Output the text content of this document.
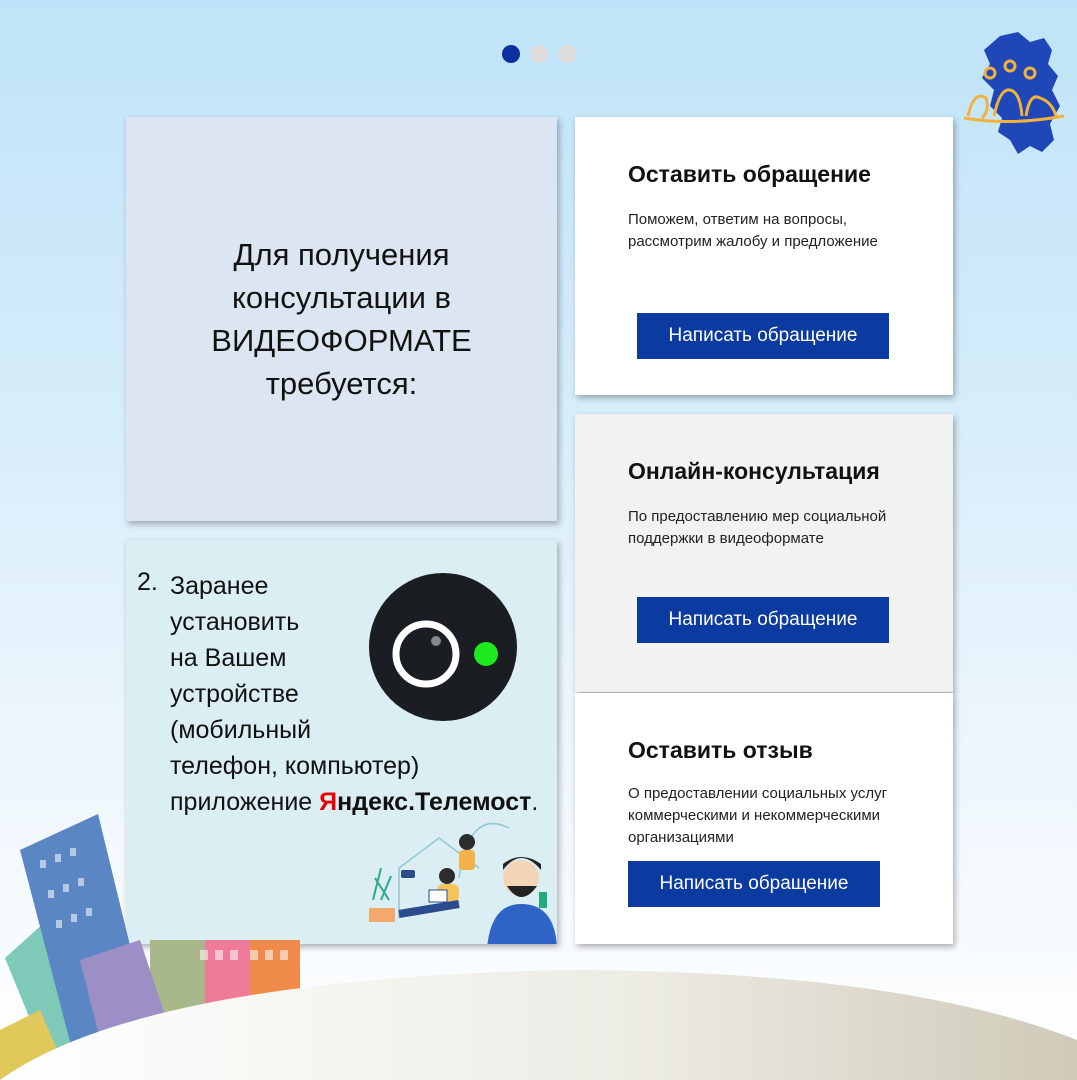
Для получения
консультации в
ВИДЕОФОРМАТЕ
требуется:
2. Заранее
установить
на Вашем
устройстве
(мобильный
телефон, компьютер)
приложение Яндекс.Телемост.
Оставить обращение

Поможем, ответим на вопросы,
рассмотрим жалобу и предложение

Написать обращение
Онлайн-консультация

По предоставлению мер социальной
поддержки в видеоформате

Написать обращение
Оставить отзыв

О предоставлении социальных услуг
коммерческими и некоммерческими
организациями

Написать обращение
